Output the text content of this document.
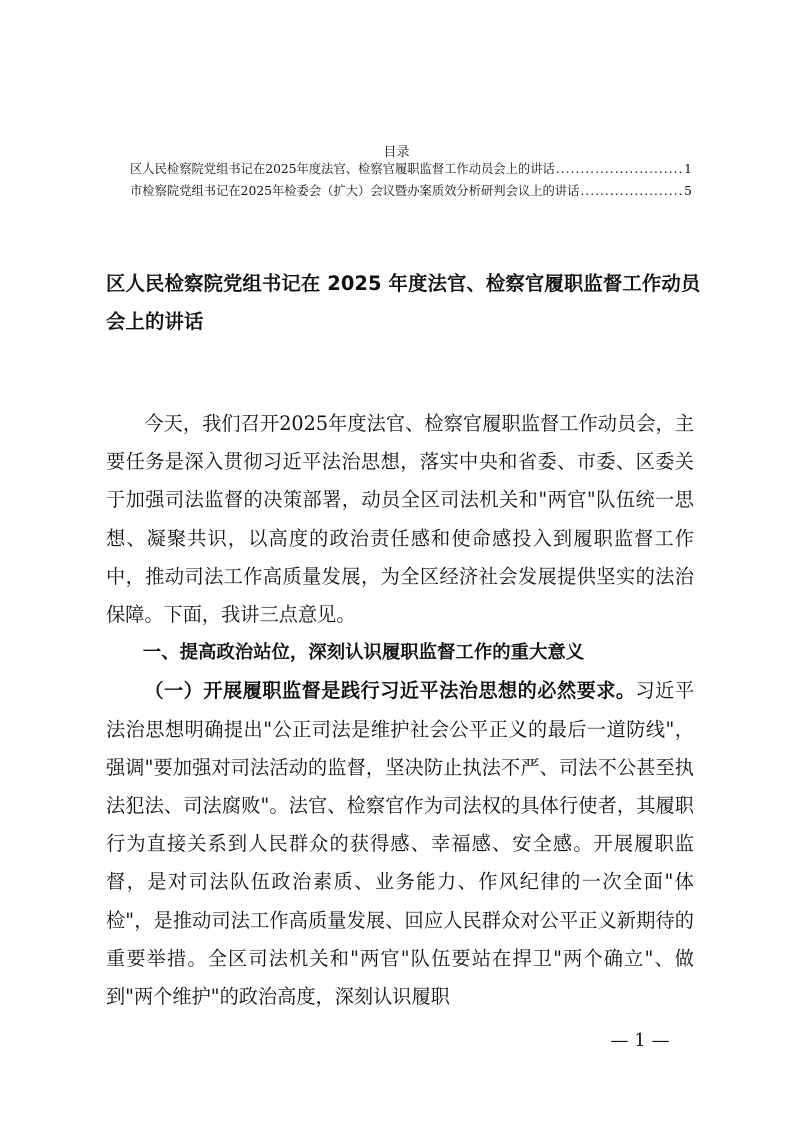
目录
区人民检察院党组书记在2025年度法官、检察官履职监督工作动员会上的讲话 .....	1
市检察院党组书记在2025年检委会（扩大）会议暨办案质效分析研判会议上的讲话 .....	5
区人民检察院党组书记在 2025 年度法官、检察官履职监督工作动员会上的讲话

今天，我们召开2025年度法官、检察官履职监督工作动员会，主要任务是深入贯彻习近平法治思想，落实中央和省委、市委、区委关于加强司法监督的决策部署，动员全区司法机关和"两官"队伍统一思想、凝聚共识，以高度的政治责任感和使命感投入到履职监督工作中，推动司法工作高质量发展，为全区经济社会发展提供坚实的法治保障。下面，我讲三点意见。

一、提高政治站位，深刻认识履职监督工作的重大意义

（一）开展履职监督是践行习近平法治思想的必然要求。习近平法治思想明确提出"公正司法是维护社会公平正义的最后一道防线"，强调"要加强对司法活动的监督，坚决防止执法不严、司法不公甚至执法犯法、司法腐败"。法官、检察官作为司法权的具体行使者，其履职行为直接关系到人民群众的获得感、幸福感、安全感。开展履职监督，是对司法队伍政治素质、业务能力、作风纪律的一次全面"体检"，是推动司法工作高质量发展、回应人民群众对公平正义新期待的重要举措。全区司法机关和"两官"队伍要站在捍卫"两个确立"、做到"两个维护"的政治高度，深刻认识履职

— 1 —
